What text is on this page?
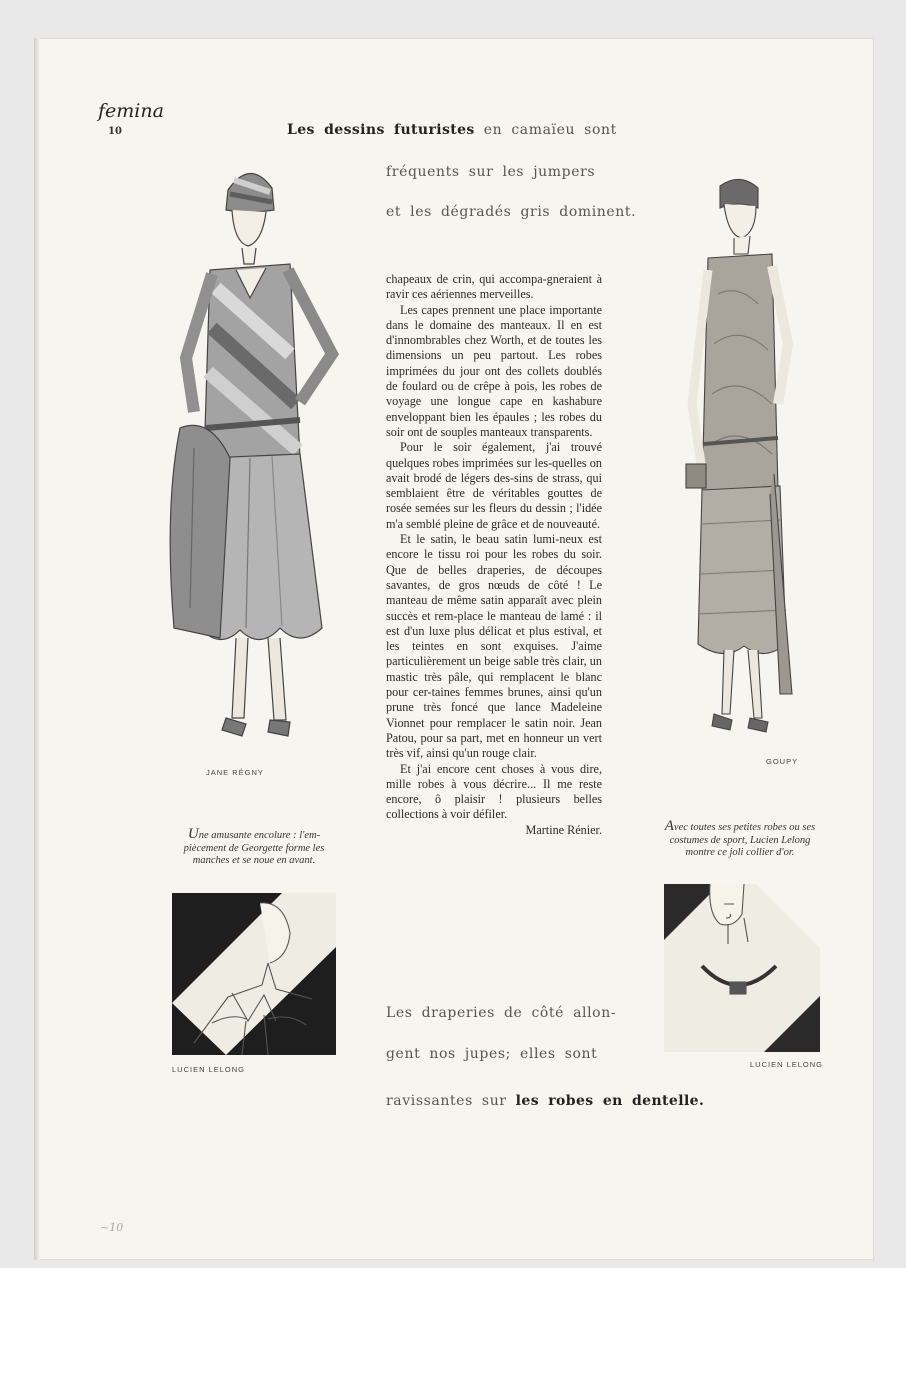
femina
10	Les dessins futuristes en camaïeu sont
fréquents sur les jumpers
et les dégradés gris dominent.
JANE RÉGNY
GOUPY
Une amusante encolure : l'em-piècement de Georgette forme les manches et se noue en avant.
Avec toutes ses petites robes ou ses costumes de sport, Lucien Lelong montre ce joli collier d'or.
LUCIEN LELONG
LUCIEN LELONG

chapeaux de crin, qui accompa-gneraient à ravir ces aériennes merveilles.

Les capes prennent une place importante dans le domaine des manteaux. Il en est d'innombrables chez Worth, et de toutes les dimensions un peu partout. Les robes imprimées du jour ont des collets doublés de foulard ou de crêpe à pois, les robes de voyage une longue cape en kashabure enveloppant bien les épaules ; les robes du soir ont de souples manteaux transparents.

Pour le soir également, j'ai trouvé quelques robes imprimées sur les-quelles on avait brodé de légers des-sins de strass, qui semblaient être de véritables gouttes de rosée semées sur les fleurs du dessin ; l'idée m'a semblé pleine de grâce et de nouveauté.

Et le satin, le beau satin lumi-neux est encore le tissu roi pour les robes du soir. Que de belles draperies, de découpes savantes, de gros nœuds de côté ! Le manteau de même satin apparaît avec plein succès et rem-place le manteau de lamé : il est d'un luxe plus délicat et plus estival, et les teintes en sont exquises. J'aime particulièrement un beige sable très clair, un mastic très pâle, qui remplacent le blanc pour cer-taines femmes brunes, ainsi qu'un prune très foncé que lance Madeleine Vionnet pour remplacer le satin noir. Jean Patou, pour sa part, met en honneur un vert très vif, ainsi qu'un rouge clair.

Et j'ai encore cent choses à vous dire, mille robes à vous décrire... Il me reste encore, ô plaisir ! plusieurs belles collections à voir défiler.

Martine Rénier.
Les draperies de côté allon-
gent nos jupes; elles sont
ravissantes sur les robes en dentelle.
~10
